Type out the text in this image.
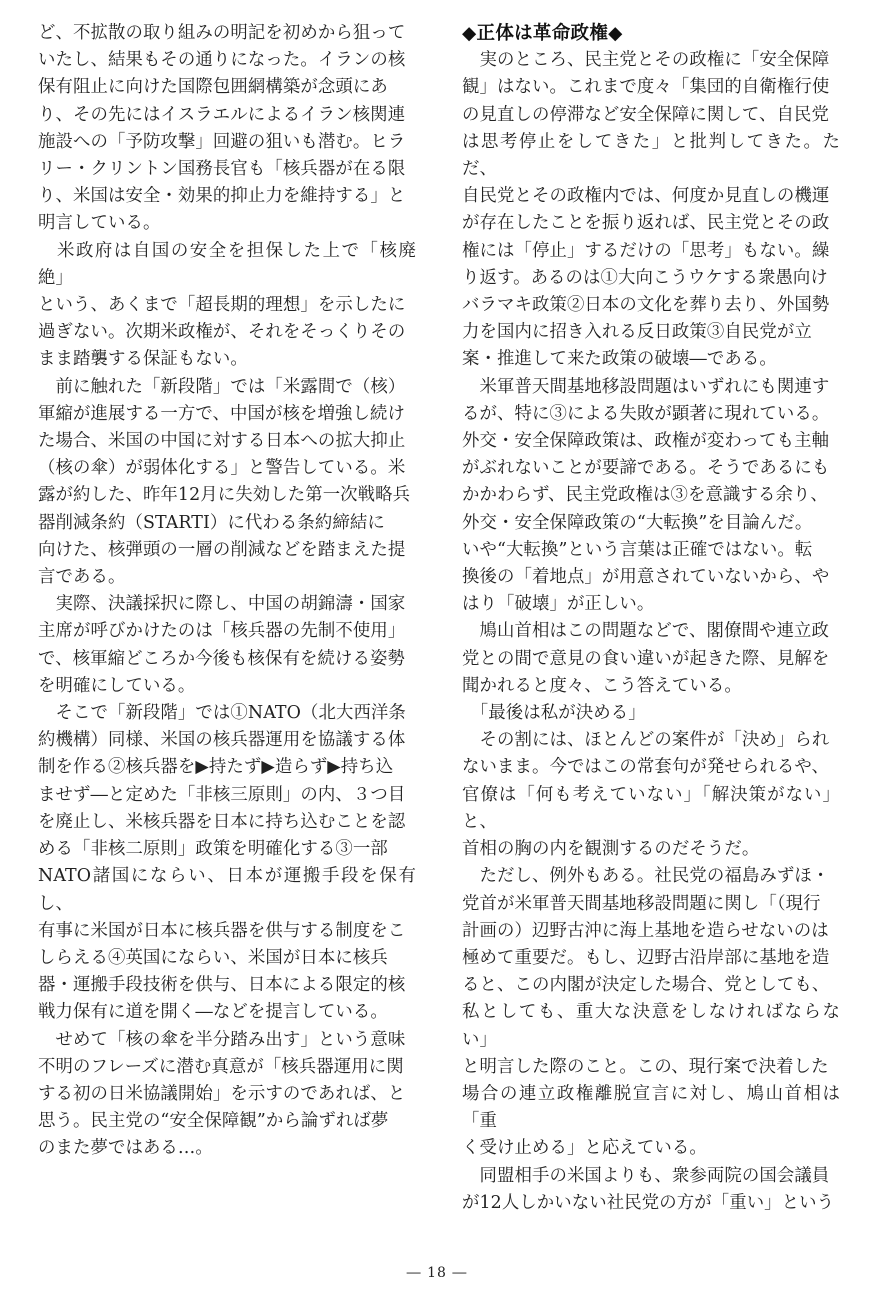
ど、不拡散の取り組みの明記を初めから狙って
いたし、結果もその通りになった。イランの核
保有阻止に向けた国際包囲網構築が念頭にあ
り、その先にはイスラエルによるイラン核関連
施設への「予防攻撃」回避の狙いも潜む。ヒラ
リー・クリントン国務長官も「核兵器が在る限
り、米国は安全・効果的抑止力を維持する」と
明言している。

　米政府は自国の安全を担保した上で「核廃絶」
という、あくまで「超長期的理想」を示したに
過ぎない。次期米政権が、それをそっくりその
まま踏襲する保証もない。

　前に触れた「新段階」では「米露間で（核）
軍縮が進展する一方で、中国が核を増強し続け
た場合、米国の中国に対する日本への拡大抑止
（核の傘）が弱体化する」と警告している。米
露が約した、昨年12月に失効した第一次戦略兵
器削減条約（STARTⅠ）に代わる条約締結に
向けた、核弾頭の一層の削減などを踏まえた提
言である。

　実際、決議採択に際し、中国の胡錦濤・国家
主席が呼びかけたのは「核兵器の先制不使用」
で、核軍縮どころか今後も核保有を続ける姿勢
を明確にしている。

　そこで「新段階」では①NATO（北大西洋条
約機構）同様、米国の核兵器運用を協議する体
制を作る②核兵器を▶持たず▶造らず▶持ち込
ませず―と定めた「非核三原則」の内、３つ目
を廃止し、米核兵器を日本に持ち込むことを認
める「非核二原則」政策を明確化する③一部
NATO諸国にならい、日本が運搬手段を保有し、
有事に米国が日本に核兵器を供与する制度をこ
しらえる④英国にならい、米国が日本に核兵
器・運搬手段技術を供与、日本による限定的核
戦力保有に道を開く―などを提言している。

　せめて「核の傘を半分踏み出す」という意味
不明のフレーズに潜む真意が「核兵器運用に関
する初の日米協議開始」を示すのであれば、と
思う。民主党の“安全保障観”から論ずれば夢
のまた夢ではある…。

◆正体は革命政権◆

　実のところ、民主党とその政権に「安全保障
観」はない。これまで度々「集団的自衛権行使
の見直しの停滞など安全保障に関して、自民党
は思考停止をしてきた」と批判してきた。ただ、
自民党とその政権内では、何度か見直しの機運
が存在したことを振り返れば、民主党とその政
権には「停止」するだけの「思考」もない。繰
り返す。あるのは①大向こうウケする衆愚向け
バラマキ政策②日本の文化を葬り去り、外国勢
力を国内に招き入れる反日政策③自民党が立
案・推進して来た政策の破壊―である。

　米軍普天間基地移設問題はいずれにも関連す
るが、特に③による失敗が顕著に現れている。
外交・安全保障政策は、政権が変わっても主軸
がぶれないことが要諦である。そうであるにも
かかわらず、民主党政権は③を意識する余り、
外交・安全保障政策の“大転換”を目論んだ。
いや“大転換”という言葉は正確ではない。転
換後の「着地点」が用意されていないから、や
はり「破壊」が正しい。

　鳩山首相はこの問題などで、閣僚間や連立政
党との間で意見の食い違いが起きた際、見解を
聞かれると度々、こう答えている。

　「最後は私が決める」

　その割には、ほとんどの案件が「決め」られ
ないまま。今ではこの常套句が発せられるや、
官僚は「何も考えていない」「解決策がない」と、
首相の胸の内を観測するのだそうだ。

　ただし、例外もある。社民党の福島みずほ・
党首が米軍普天間基地移設問題に関し「（現行
計画の）辺野古沖に海上基地を造らせないのは
極めて重要だ。もし、辺野古沿岸部に基地を造
ると、この内閣が決定した場合、党としても、
私としても、重大な決意をしなければならない」
と明言した際のこと。この、現行案で決着した
場合の連立政権離脱宣言に対し、鳩山首相は「重
く受け止める」と応えている。

　同盟相手の米国よりも、衆参両院の国会議員
が12人しかいない社民党の方が「重い」という

― 18 ―
